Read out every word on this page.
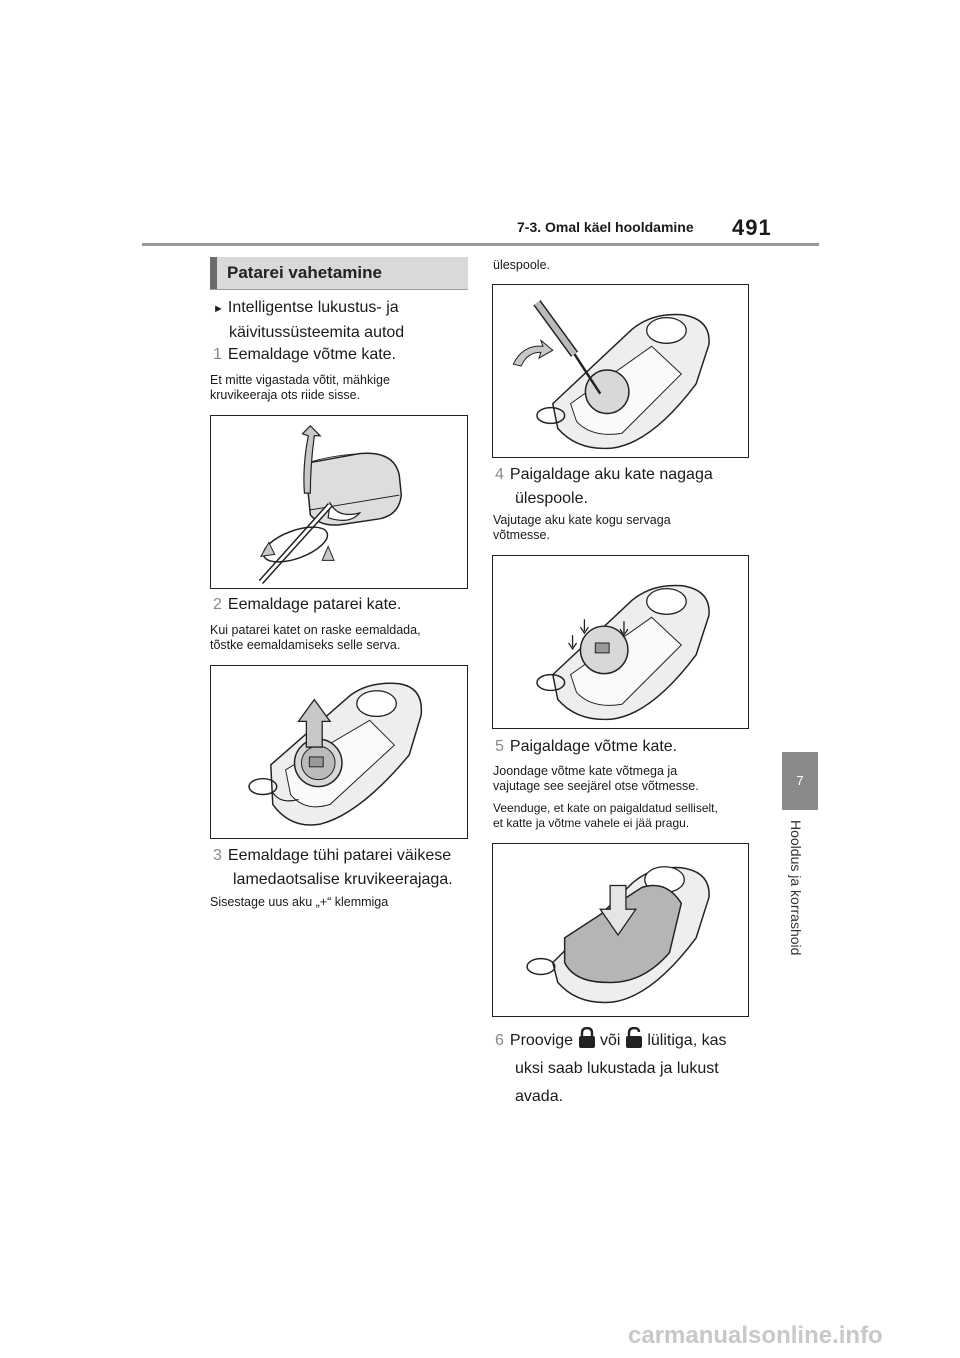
7-3. Omal käel hooldamine 491
7
Hooldus ja korrashoid
Patarei vahetamine
► Intelligentse lukustus- ja
käivitussüsteemita autod
1 Eemaldage võtme kate.
Et mitte vigastada võtit, mähkige
kruvikeeraja ots riide sisse.
2 Eemaldage patarei kate.
Kui patarei katet on raske eemaldada,
tõstke eemaldamiseks selle serva.
3 Eemaldage tühi patarei väikese
lamedaotsalise kruvikeerajaga.
Sisestage uus aku „+“ klemmiga
ülespoole.
4 Paigaldage aku kate nagaga
ülespoole.
Vajutage aku kate kogu servaga
võtmesse.
5 Paigaldage võtme kate.
Joondage võtme kate võtmega ja
vajutage see seejärel otse võtmesse.
Veenduge, et kate on paigaldatud selliselt,
et katte ja võtme vahele ei jää pragu.
6 Proovige või lülitiga, kas
uksi saab lukustada ja lukust
avada.
carmanualsonline.info
